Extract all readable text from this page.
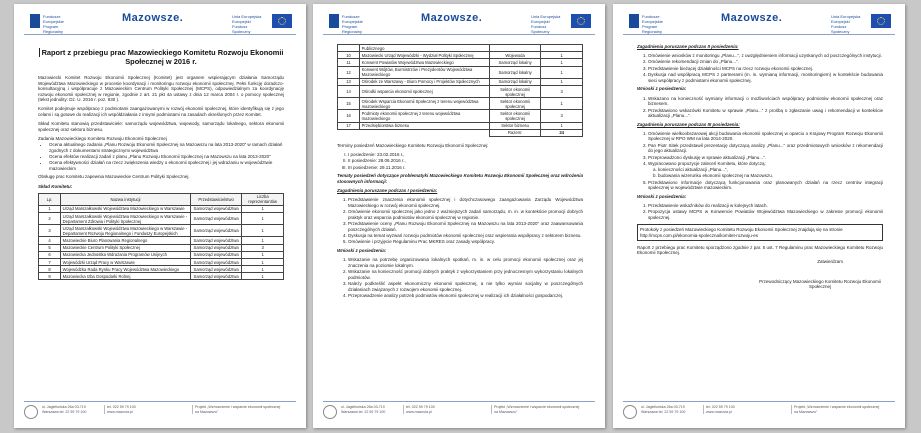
Fundusze Europejskie Program Regionalny
Mazowsze.	Unia Europejska Europejski Fundusz Społeczny
Raport z przebiegu prac Mazowieckiego Komitetu Rozwoju Ekonomii Społecznej w 2016 r.

Mazowiecki Komitet Rozwoju Ekonomii Społecznej (Komitet) jest organem wspierającym działania Samorządu Województwa Mazowieckiego w procesie koordynacji i monitoringu rozwoju ekonomii społecznej. Pełni funkcję doradczo-konsultacyjną i współpracuje z Mazowieckim Centrum Polityki Społecznej (MCPS), odpowiedzialnym za koordynację rozwoju ekonomii społecznej w regionie, zgodnie z art. 21 pkt 4a ustawy z dnia 12 marca 2004 r. o pomocy społecznej (tekst jednolity: Dz. U. 2016 r. poz. 930 ).

Komitet podejmuje współpracę z podmiotami zaangażowanymi w rozwój ekonomii społecznej, które identyfikują się z jego celami i są gotowe do realizacji ich współdziałania z innymi podmiotami na zasadach określonych przez Komitet.

Skład Komitetu stanowią przedstawiciele: samorządu województwa, wojewody, samorządu lokalnego, sektora ekonomii społecznej oraz sektora biznesu.

Zadania Mazowieckiego Komitetu Rozwoju Ekonomii Społecznej

• Ocena aktualnego zadania „Planu Rozwoju Ekonomii Społecznej na Mazowszu na lata 2013-2020” w ramach działań zgodnych z dokumentami strategicznymi województwa
• Ocena efektów realizacji zadań z planu „Planu Rozwoju Ekonomii Społecznej na Mazowszu na lata 2013-2020”
• Ocena efektywności działań na rzecz zwiększenia wiedzy o ekonomii społecznej i jej wdrażaniu w województwie mazowieckim

Obsługę prac Komitetu zapewnia Mazowieckie Centrum Polityki Społecznej.

Skład Komitetu:

Lp.	Nazwa instytucji	Przedstawicielstwo	Liczba reprezentantów
1	Urząd Marszałkowski Województwa Mazowieckiego w Warszawie	Samorząd województwa	1
2	Urząd Marszałkowski Województwa Mazowieckiego w Warszawie - Departament Zdrowia i Polityki Społecznej	Samorząd województwa	1
3	Urząd Marszałkowski Województwa Mazowieckiego w Warszawie - Departament Rozwoju Regionalnego i Funduszy Europejskich	Samorząd województwa	1
4	Mazowieckie Biuro Planowania Regionalnego	Samorząd województwa	1
5	Mazowieckie Centrum Polityki Społecznej	Samorząd województwa	3
6	Mazowiecka Jednostka Wdrażania Programów Unijnych	Samorząd województwa	1
7	Wojewódzki Urząd Pracy w Warszawie	Samorząd województwa	1
8	Wojewódzka Rada Rynku Pracy Województwa Mazowieckiego	Samorząd województwa	1
9	Mazowiecka Izba Gospodarki Rolnej	Samorząd województwa	1
ul. Jagiellońska 26a 03-719 Warszawa tel. 22 59 79 100
tel. 022 59 79 100 www.mazovia.pl
Projekt „Wzmocnienie i wsparcie ekonomii społecznej na Mazowszu”
Fundusze Europejskie Program Regionalny
Mazowsze.	Unia Europejska Europejski Fundusz Społeczny
	Publicznego		
10	Mazowiecki Urząd Wojewódzki - Wydział Polityki Społecznej	Wojewoda	1
11	Konwent Powiatów Województwa Mazowieckiego	Samorząd lokalny	1
12	Konwent Wójtów, Burmistrzów i Prezydentów Województwa Mazowieckiego	Samorząd lokalny	1
13	Ośrodek ze Warszawy - Biuro Pomocy i Projektów Społecznych	Samorząd lokalny	1
14	Ośrodki wsparcia ekonomii społecznej	Sektor ekonomii społecznej	3
15	Ośrodek Wsparcia Ekonomii Społecznej z terenu województwa mazowieckiego	Sektor ekonomii społecznej	1
16	Podmioty ekonomii społecznej z terenu województwa mazowieckiego	Sektor ekonomii społecznej	3
17	Przedsiębiorstwa biznesu	Sektor biznesu	1
		Razem:	24

Terminy posiedzeń Mazowieckiego Komitetu Rozwoju Ekonomii Społecznej:

I. I posiedzenie: 23.02.2016 r.,
II. II posiedzenie: 28.06.2016 r.,
III. III posiedzenie: 29.11.2016 r.

Tematy posiedzeń dotyczące problematyki Mazowieckiego Komitetu Rozwoju Ekonomii Społecznej oraz wdrożenia stosownych informacji:

Zagadnienia poruszane podczas I posiedzenia:

1. Przedstawienie znaczenia ekonomii społecznej i dotychczasowego zaangażowania Zarządu Województwa Mazowieckiego w rozwój ekonomii społecznej.
2. Omówienie ekonomii społecznej jako jedno z ważniejszych zadań samorządu, m. in. w kontekście promocji dobrych praktyk oraz wsparcia podmiotów ekonomii społecznej w regionie.
3. Przedstawienie oceny „Planu Rozwoju Ekonomii Społecznej na Mazowszu na lata 2013-2020” oraz zaawansowania poszczególnych działań.
4. Dyskusja na temat wyzwań rozwoju podmiotów ekonomii społecznej oraz wspierania współpracy z sektorem biznesu.
5. Omówienie i przyjęcie Regulaminu Prac MKRES oraz zasady współpracy.

Wnioski z posiedzenia:

1. Wskazanie na potrzebę organizowania lokalnych spotkań, m. in. w celu promocji ekonomii społecznej oraz jej znaczenia na poziomie lokalnym.
2. Wskazanie na konieczność promocji dobrych praktyk z wykorzystaniem przy jednoczesnym wykorzystaniu lokalnych podmiotów.
3. Należy podkreślić aspekt ekonomiczny ekonomii społecznej, a nie tylko wymiar socjalny w poszczególnych działaniach związanych z rozwojem ekonomii społecznej.
4. Przeprowadzenie analizy potrzeb podmiotów ekonomii społecznej w realizacji ich działalności gospodarczej.
ul. Jagiellońska 26a 03-719 Warszawa tel. 22 59 79 100
tel. 022 59 79 100 www.mazovia.pl
Projekt „Wzmocnienie i wsparcie ekonomii społecznej na Mazowszu”
Fundusze Europejskie Program Regionalny
Mazowsze.	Unia Europejska Europejski Fundusz Społeczny

Zagadnienia poruszane podczas II posiedzenia:

1. Omówienie wniosków z monitoringu „Planu...”, z uwzględnieniem informacji uzyskanych od poszczególnych instytucji.
2. Omówienie rekomendacji zmian do „Planu...”.
3. Przedstawienie bieżącej działalności MCPS na rzecz rozwoju ekonomii społecznej.
4. Dyskusja nad współpracą MCPS z partnerami (m. in. wymianą informacji, monitoringiem) w kontekście budowania sieci współpracy z podmiotami ekonomii społecznej.

Wnioski z posiedzenia:

1. Wskazano na konieczność wymiany informacji o możliwościach współpracy podmiotów ekonomii społecznej oraz biznesem.
2. Przedstawiono wskazówki Komitetu w sprawie „Planu...” z prośbą o zgłaszanie uwag i rekomendacji w kontekście aktualizacji „Planu...”.

Zagadnienia poruszane podczas III posiedzenia:

1. Omówienie wielkoobszarowej akcji budowania ekonomii społecznej w oparciu o Krajowy Program Rozwoju Ekonomii Społecznej w RPO WM na lata 2014-2020.
2. Pan Piotr Sitek przedstawił prezentację dotyczącą analizy „Planu...” oraz przedmiotowych wniosków z rekomendacji do jego aktualizacji.
3. Przeprowadzono dyskusję w sprawie aktualizacji „Planu...”.
4. Wypracowano propozycje zaleceń Komitetu, które dotyczą:
a. konieczności aktualizacji „Planu...”,
b. budowania wizerunku ekonomii społecznej na Mazowszu.
5. Przedstawiono informacje dotyczącą funkcjonowania oraz planowanych działań na rzecz centrów integracji społecznej w województwie mazowieckim.

Wnioski z posiedzenia:

1. Przedstawienie wskaźników do realizacji w kolejnych latach.
2. Propozycja ustawy MCPS w Konwencie Powiatów Województwa Mazowieckiego w zakresie promocji ekonomii społecznej.
Protokoły z posiedzeń Mazowieckiego Komitetu Rozwoju Ekonomii Społecznej znajdują się na stronie http://mcps.com.pl/ekonomia-spoleczna/komitet-rozwoju-es

Raport z przebiegu prac Komitetu sporządzono zgodnie z par. 5 ust. 7 Regulaminu prac Mazowieckiego Komitetu Rozwoju Ekonomii Społecznej.

Zatwierdzam

Przewodniczący Mazowieckiego Komitetu Rozwoju Ekonomii Społecznej
ul. Jagiellońska 26a 03-719 Warszawa tel. 22 59 79 100
tel. 022 59 79 100 www.mazovia.pl
Projekt „Wzmocnienie i wsparcie ekonomii społecznej na Mazowszu”
